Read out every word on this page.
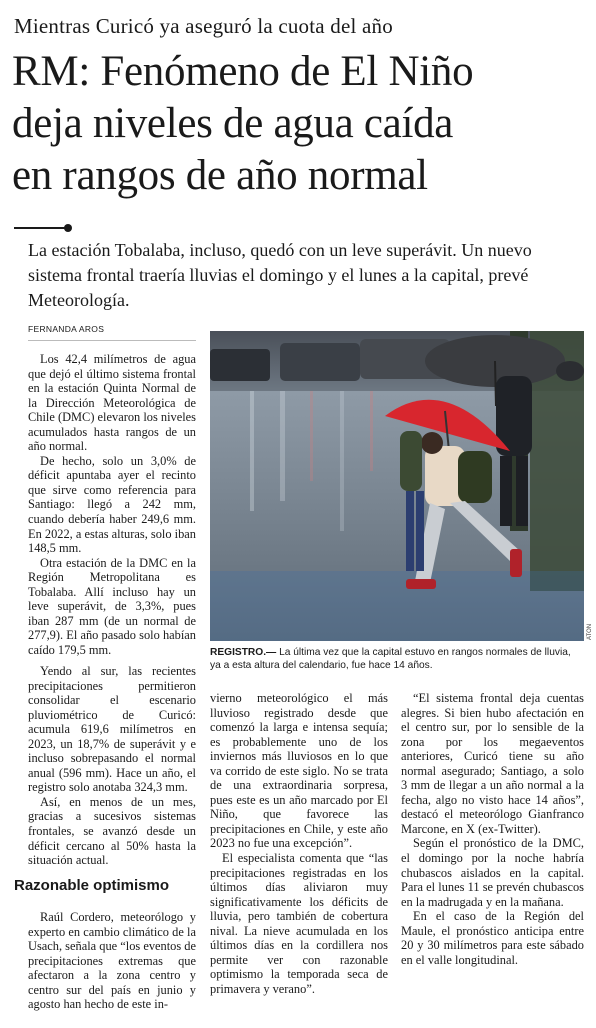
Mientras Curicó ya aseguró la cuota del año
RM: Fenómeno de El Niño
deja niveles de agua caída
en rangos de año normal
La estación Tobalaba, incluso, quedó con un leve superávit. Un nuevo sistema frontal traería lluvias el domingo y el lunes a la capital, prevé Meteorología.
FERNANDA AROS

Los 42,4 milímetros de agua que dejó el último sistema frontal en la estación Quinta Normal de la Dirección Meteorológica de Chile (DMC) elevaron los niveles acumulados hasta rangos de un año normal.

De hecho, solo un 3,0% de déficit apuntaba ayer el recinto que sirve como referencia para Santiago: llegó a 242 mm, cuando debería haber 249,6 mm. En 2022, a estas alturas, solo iban 148,5 mm.

Otra estación de la DMC en la Región Metropolitana es Tobalaba. Allí incluso hay un leve superávit, de 3,3%, pues iban 287 mm (de un normal de 277,9). El año pasado solo habían caído 179,5 mm.

Yendo al sur, las recientes precipitaciones permitieron consolidar el escenario pluviométrico de Curicó: acumula 619,6 milímetros en 2023, un 18,7% de superávit y e incluso sobrepasando el normal anual (596 mm). Hace un año, el registro solo anotaba 324,3 mm.

Así, en menos de un mes, gracias a sucesivos sistemas frontales, se avanzó desde un déficit cercano al 50% hasta la situación actual.

Razonable optimismo

Raúl Cordero, meteorólogo y experto en cambio climático de la Usach, señala que “los eventos de precipitaciones extremas que afectaron a la zona centro y centro sur del país en junio y agosto han hecho de este in-

ATON
REGISTRO.— La última vez que la capital estuvo en rangos normales de lluvia, ya a esta altura del calendario, fue hace 14 años.

vierno meteorológico el más lluvioso registrado desde que comenzó la larga e intensa sequía; es probablemente uno de los inviernos más lluviosos en lo que va corrido de este siglo. No se trata de una extraordinaria sorpresa, pues este es un año marcado por El Niño, que favorece las precipitaciones en Chile, y este año 2023 no fue una excepción”.

El especialista comenta que “las precipitaciones registradas en los últimos días aliviaron muy significativamente los déficits de lluvia, pero también de cobertura nival. La nieve acumulada en los últimos días en la cordillera nos permite ver con razonable optimismo la temporada seca de primavera y verano”.

“El sistema frontal deja cuentas alegres. Si bien hubo afectación en el centro sur, por lo sensible de la zona por los megaeventos anteriores, Curicó tiene su año normal asegurado; Santiago, a solo 3 mm de llegar a un año normal a la fecha, algo no visto hace 14 años”, destacó el meteorólogo Gianfranco Marcone, en X (ex-Twitter).

Según el pronóstico de la DMC, el domingo por la noche habría chubascos aislados en la capital. Para el lunes 11 se prevén chubascos en la madrugada y en la mañana.

En el caso de la Región del Maule, el pronóstico anticipa entre 20 y 30 milímetros para este sábado en el valle longitudinal.
